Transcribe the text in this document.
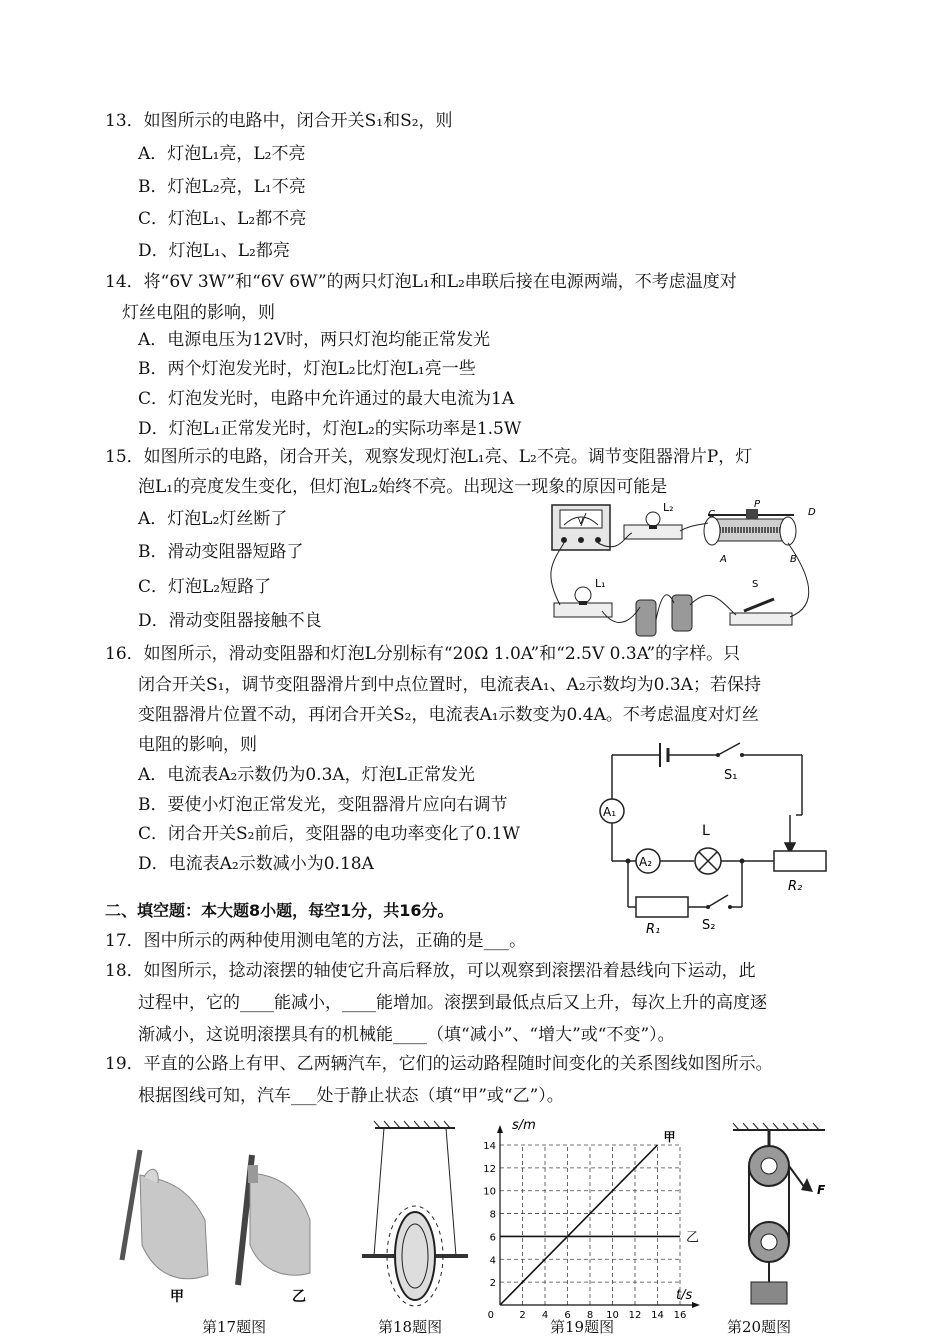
13．如图所示的电路中，闭合开关S₁和S₂，则
A．灯泡L₁亮，L₂不亮
B．灯泡L₂亮，L₁不亮
C．灯泡L₁、L₂都不亮
D．灯泡L₁、L₂都亮
14．将“6V 3W”和“6V 6W”的两只灯泡L₁和L₂串联后接在电源两端，不考虑温度对
灯丝电阻的影响，则
A．电源电压为12V时，两只灯泡均能正常发光
B．两个灯泡发光时，灯泡L₂比灯泡L₁亮一些
C．灯泡发光时，电路中允许通过的最大电流为1A
D．灯泡L₁正常发光时，灯泡L₂的实际功率是1.5W
15．如图所示的电路，闭合开关，观察发现灯泡L₁亮、L₂不亮。调节变阻器滑片P，灯
泡L₁的亮度发生变化，但灯泡L₂始终不亮。出现这一现象的原因可能是
A．灯泡L₂灯丝断了
B．滑动变阻器短路了
C．灯泡L₂短路了
D．滑动变阻器接触不良
V
L₂
C
P
D
A	B
L₁	S
16．如图所示，滑动变阻器和灯泡L分别标有“20Ω 1.0A”和“2.5V 0.3A”的字样。只
闭合开关S₁，调节变阻器滑片到中点位置时，电流表A₁、A₂示数均为0.3A；若保持
变阻器滑片位置不动，再闭合开关S₂，电流表A₁示数变为0.4A。不考虑温度对灯丝
电阻的影响，则
A．电流表A₂示数仍为0.3A，灯泡L正常发光
B．要使小灯泡正常发光，变阻器滑片应向右调节
C．闭合开关S₂前后，变阻器的电功率变化了0.1W
D．电流表A₂示数减小为0.18A
S₁
A₁
A₂
L
R₂
R₁	S₂
二、填空题：本大题8小题，每空1分，共16分。
17．图中所示的两种使用测电笔的方法，正确的是___。
18．如图所示，捻动滚摆的轴使它升高后释放，可以观察到滚摆沿着悬线向下运动，此
过程中，它的____能减小，____能增加。滚摆到最低点后又上升，每次上升的高度逐
渐减小，这说明滚摆具有的机械能____（填“减小”、“增大”或“不变”）。
19．平直的公路上有甲、乙两辆汽车，它们的运动路程随时间变化的关系图线如图所示。
根据图线可知，汽车___处于静止状态（填“甲”或“乙”）。
甲	乙
第17题图	第18题图
2 4 6 8 10 12 14 16
2
4
6
8
10
12
14
0
s/m
t/s
甲
乙
第19题图
F
第20题图
